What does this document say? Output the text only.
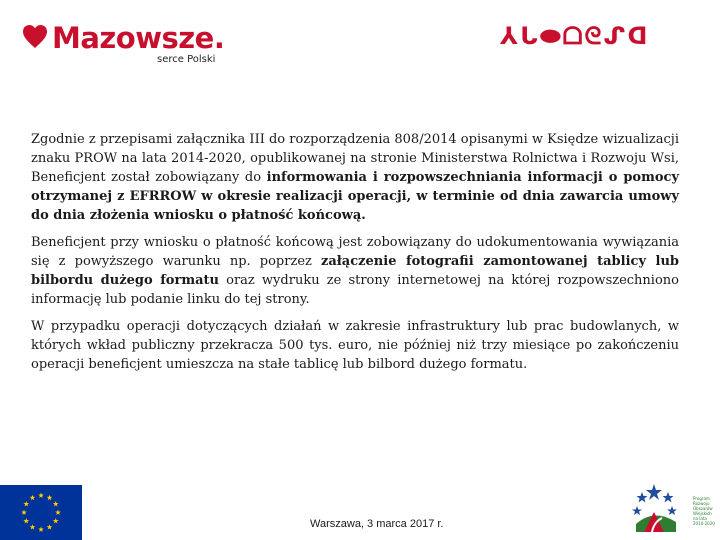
Mazowsze.
serce Polski
⅄ᒐ⬬ᗝᘓᔑᗡ

Zgodnie z przepisami załącznika III do rozporządzenia 808/2014 opisanymi w Księdze wizualizacji znaku PROW na lata 2014-2020, opublikowanej na stronie Ministerstwa Rolnictwa i Rozwoju Wsi, Beneficjent został zobowiązany do informowania i rozpowszechniania informacji o pomocy otrzymanej z EFRROW w okresie realizacji operacji, w terminie od dnia zawarcia umowy do dnia złożenia wniosku o płatność końcową.

Beneficjent przy wniosku o płatność końcową jest zobowiązany do udokumentowania wywiązania się z powyższego warunku np. poprzez załączenie fotografii zamontowanej tablicy lub bilbordu dużego formatu oraz wydruku ze strony internetowej na której rozpowszechniono informację lub podanie linku do tej strony.

W przypadku operacji dotyczących działań w zakresie infrastruktury lub prac budowlanych, w których wkład publiczny przekracza 500 tys. euro, nie później niż trzy miesiące po zakończeniu operacji beneficjent umieszcza na stałe tablicę lub bilbord dużego formatu.

Warszawa, 3 marca 2017 r.
Program
Rozwoju
Obszarów
Wiejskich
na lata 2014-2020
